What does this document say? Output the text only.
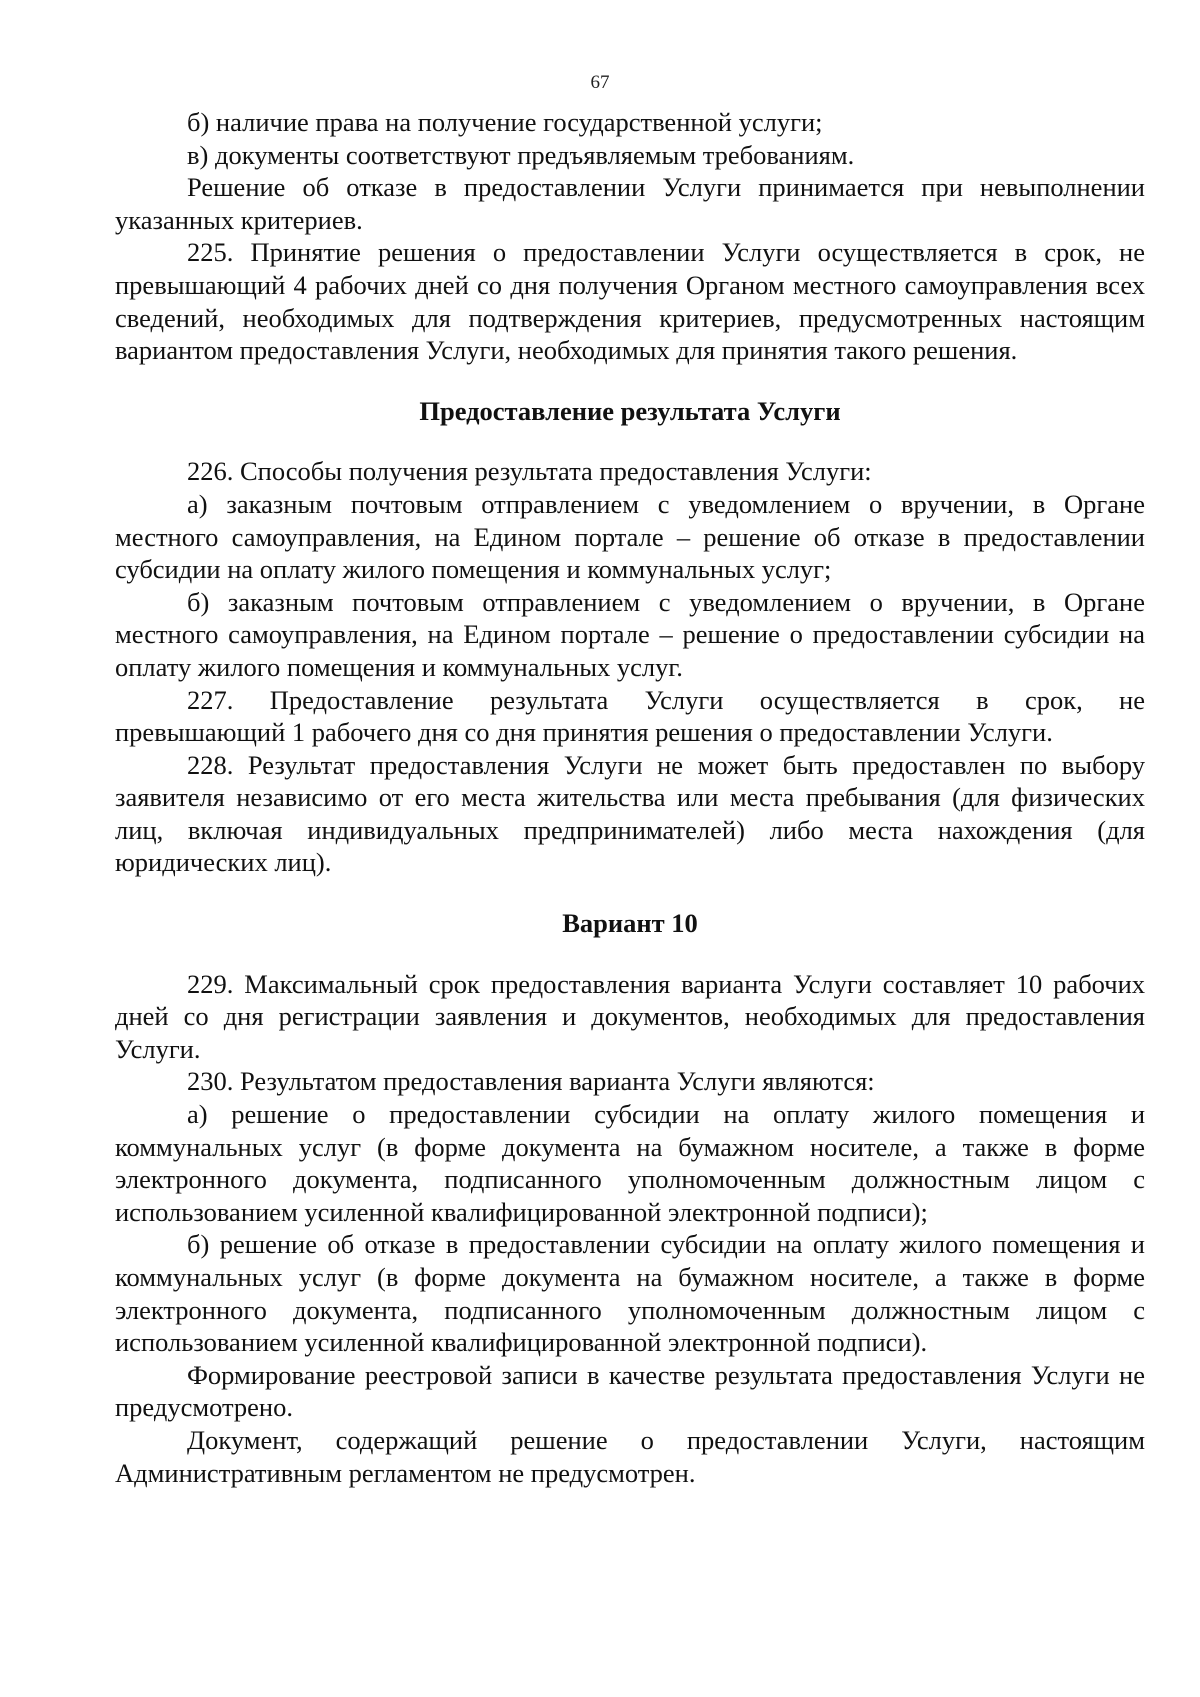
67

б) наличие права на получение государственной услуги;

в) документы соответствуют предъявляемым требованиям.

Решение об отказе в предоставлении Услуги принимается при невыполнении указанных критериев.

225. Принятие решения о предоставлении Услуги осуществляется в срок, не превышающий 4 рабочих дней со дня получения Органом местного самоуправления всех сведений, необходимых для подтверждения критериев, предусмотренных настоящим вариантом предоставления Услуги, необходимых для принятия такого решения.

Предоставление результата Услуги

226. Способы получения результата предоставления Услуги:

а) заказным почтовым отправлением с уведомлением о вручении, в Органе местного самоуправления, на Едином портале – решение об отказе в предоставлении субсидии на оплату жилого помещения и коммунальных услуг;

б) заказным почтовым отправлением с уведомлением о вручении, в Органе местного самоуправления, на Едином портале – решение о предоставлении субсидии на оплату жилого помещения и коммунальных услуг.

227. Предоставление результата Услуги осуществляется в срок, не

превышающий 1 рабочего дня со дня принятия решения о предоставлении Услуги.

228. Результат предоставления Услуги не может быть предоставлен по выбору заявителя независимо от его места жительства или места пребывания (для физических лиц, включая индивидуальных предпринимателей) либо места нахождения (для юридических лиц).

Вариант 10

229. Максимальный срок предоставления варианта Услуги составляет 10 рабочих дней со дня регистрации заявления и документов, необходимых для предоставления Услуги.

230. Результатом предоставления варианта Услуги являются:

а) решение о предоставлении субсидии на оплату жилого помещения и коммунальных услуг (в форме документа на бумажном носителе, а также в форме электронного документа, подписанного уполномоченным должностным лицом с использованием усиленной квалифицированной электронной подписи);

б) решение об отказе в предоставлении субсидии на оплату жилого помещения и коммунальных услуг (в форме документа на бумажном носителе, а также в форме электронного документа, подписанного уполномоченным должностным лицом с использованием усиленной квалифицированной электронной подписи).

Формирование реестровой записи в качестве результата предоставления Услуги не предусмотрено.

Документ, содержащий решение о предоставлении Услуги, настоящим Административным регламентом не предусмотрен.
